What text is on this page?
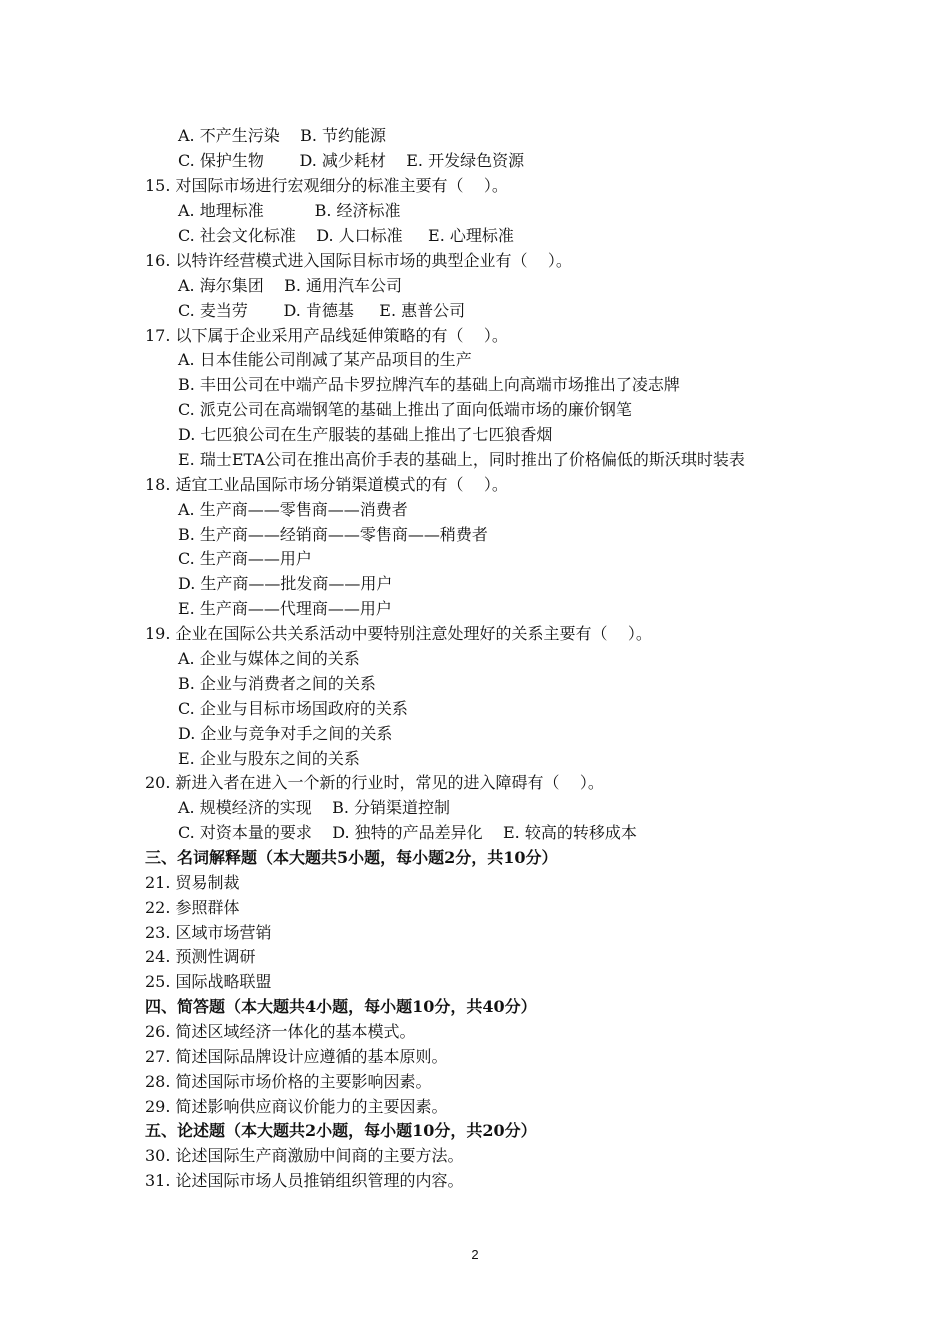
A. 不产生污染    B. 节约能源
C. 保护生物       D. 减少耗材    E. 开发绿色资源
15. 对国际市场进行宏观细分的标准主要有（    ）。
A. 地理标准          B. 经济标准
C. 社会文化标准    D. 人口标准     E. 心理标准
16. 以特许经营模式进入国际目标市场的典型企业有（    ）。
A. 海尔集团    B. 通用汽车公司
C. 麦当劳       D. 肯德基     E. 惠普公司
17. 以下属于企业采用产品线延伸策略的有（    ）。
A. 日本佳能公司削减了某产品项目的生产
B. 丰田公司在中端产品卡罗拉牌汽车的基础上向高端市场推出了凌志牌
C. 派克公司在高端钢笔的基础上推出了面向低端市场的廉价钢笔
D. 七匹狼公司在生产服装的基础上推出了七匹狼香烟
E. 瑞士ETA公司在推出高价手表的基础上，同时推出了价格偏低的斯沃琪时装表
18. 适宜工业品国际市场分销渠道模式的有（    ）。
A. 生产商——零售商——消费者
B. 生产商——经销商——零售商——稍费者
C. 生产商——用户
D. 生产商——批发商——用户
E. 生产商——代理商——用户
19. 企业在国际公共关系活动中要特别注意处理好的关系主要有（    ）。
A. 企业与媒体之间的关系
B. 企业与消费者之间的关系
C. 企业与目标市场国政府的关系
D. 企业与竞争对手之间的关系
E. 企业与股东之间的关系
20. 新进入者在进入一个新的行业时，常见的进入障碍有（    ）。
A. 规模经济的实现    B. 分销渠道控制
C. 对资本量的要求    D. 独特的产品差异化    E. 较高的转移成本
三、名词解释题（本大题共5小题，每小题2分，共10分）
21. 贸易制裁
22. 参照群体
23. 区域市场营销
24. 预测性调研
25. 国际战略联盟
四、简答题（本大题共4小题，每小题10分，共40分）
26. 简述区域经济一体化的基本模式。
27. 简述国际品牌设计应遵循的基本原则。
28. 简述国际市场价格的主要影响因素。
29. 简述影响供应商议价能力的主要因素。
五、论述题（本大题共2小题，每小题10分，共20分）
30. 论述国际生产商激励中间商的主要方法。
31. 论述国际市场人员推销组织管理的内容。
2
